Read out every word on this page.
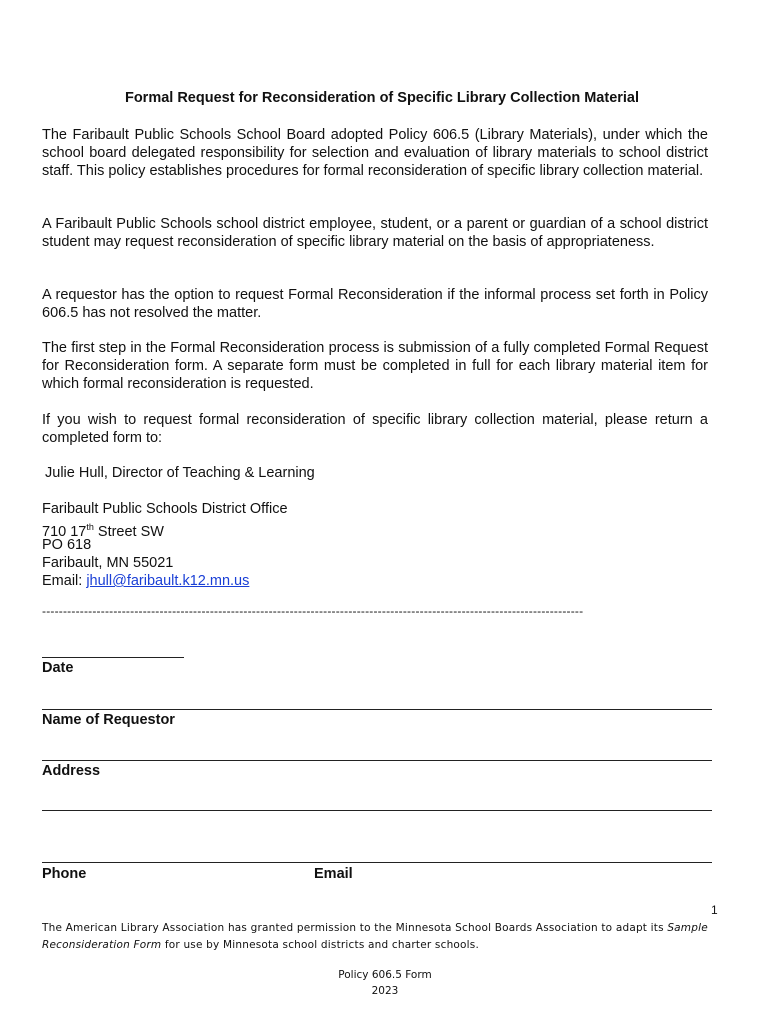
Formal Request for Reconsideration of Specific Library Collection Material
The Faribault Public Schools School Board adopted Policy 606.5 (Library Materials), under which the school board delegated responsibility for selection and evaluation of library materials to school district staff. This policy establishes procedures for formal reconsideration of specific library collection material.
A Faribault Public Schools school district employee, student, or a parent or guardian of a school district student may request reconsideration of specific library material on the basis of appropriateness.
A requestor has the option to request Formal Reconsideration if the informal process set forth in Policy 606.5 has not resolved the matter.
The first step in the Formal Reconsideration process is submission of a fully completed Formal Request for Reconsideration form. A separate form must be completed in full for each library material item for which formal reconsideration is requested.
If you wish to request formal reconsideration of specific library collection material, please return a completed form to:
Julie Hull, Director of Teaching & Learning
Faribault Public Schools District Office
710 17th Street SW
PO 618
Faribault, MN 55021
Email: jhull@faribault.k12.mn.us
---------------------------------------------------------------------------------------------------------------------------------
Date
Name of Requestor
Address
Phone	Email
1
The American Library Association has granted permission to the Minnesota School Boards Association to adapt its Sample Reconsideration Form for use by Minnesota school districts and charter schools.
Policy 606.5 Form
2023
